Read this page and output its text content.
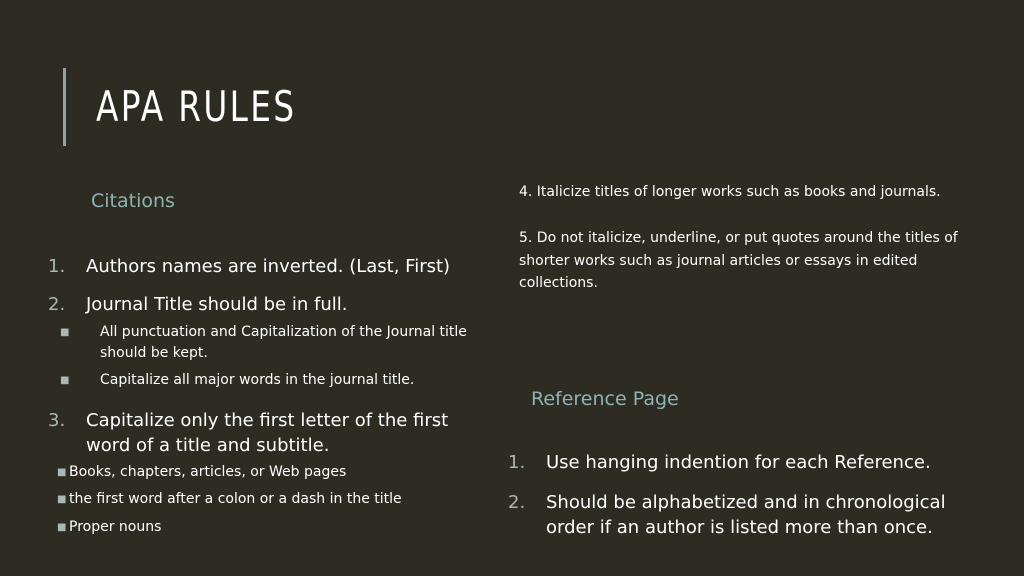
APA RULES
Citations
1.	Authors names are inverted. (Last, First)
2.	Journal Title should be in full.
■	All punctuation and Capitalization of the Journal title should be kept.
■	Capitalize all major words in the journal title.
3.	Capitalize only the first letter of the first word of a title and subtitle.
■ Books, chapters, articles, or Web pages
■ the first word after a colon or a dash in the title
■ Proper nouns
4. Italicize titles of longer works such as books and journals.
5. Do not italicize, underline, or put quotes around the titles of shorter works such as journal articles or essays in edited collections.
Reference Page
1.	Use hanging indention for each Reference.
2.	Should be alphabetized and in chronological order if an author is listed more than once.
